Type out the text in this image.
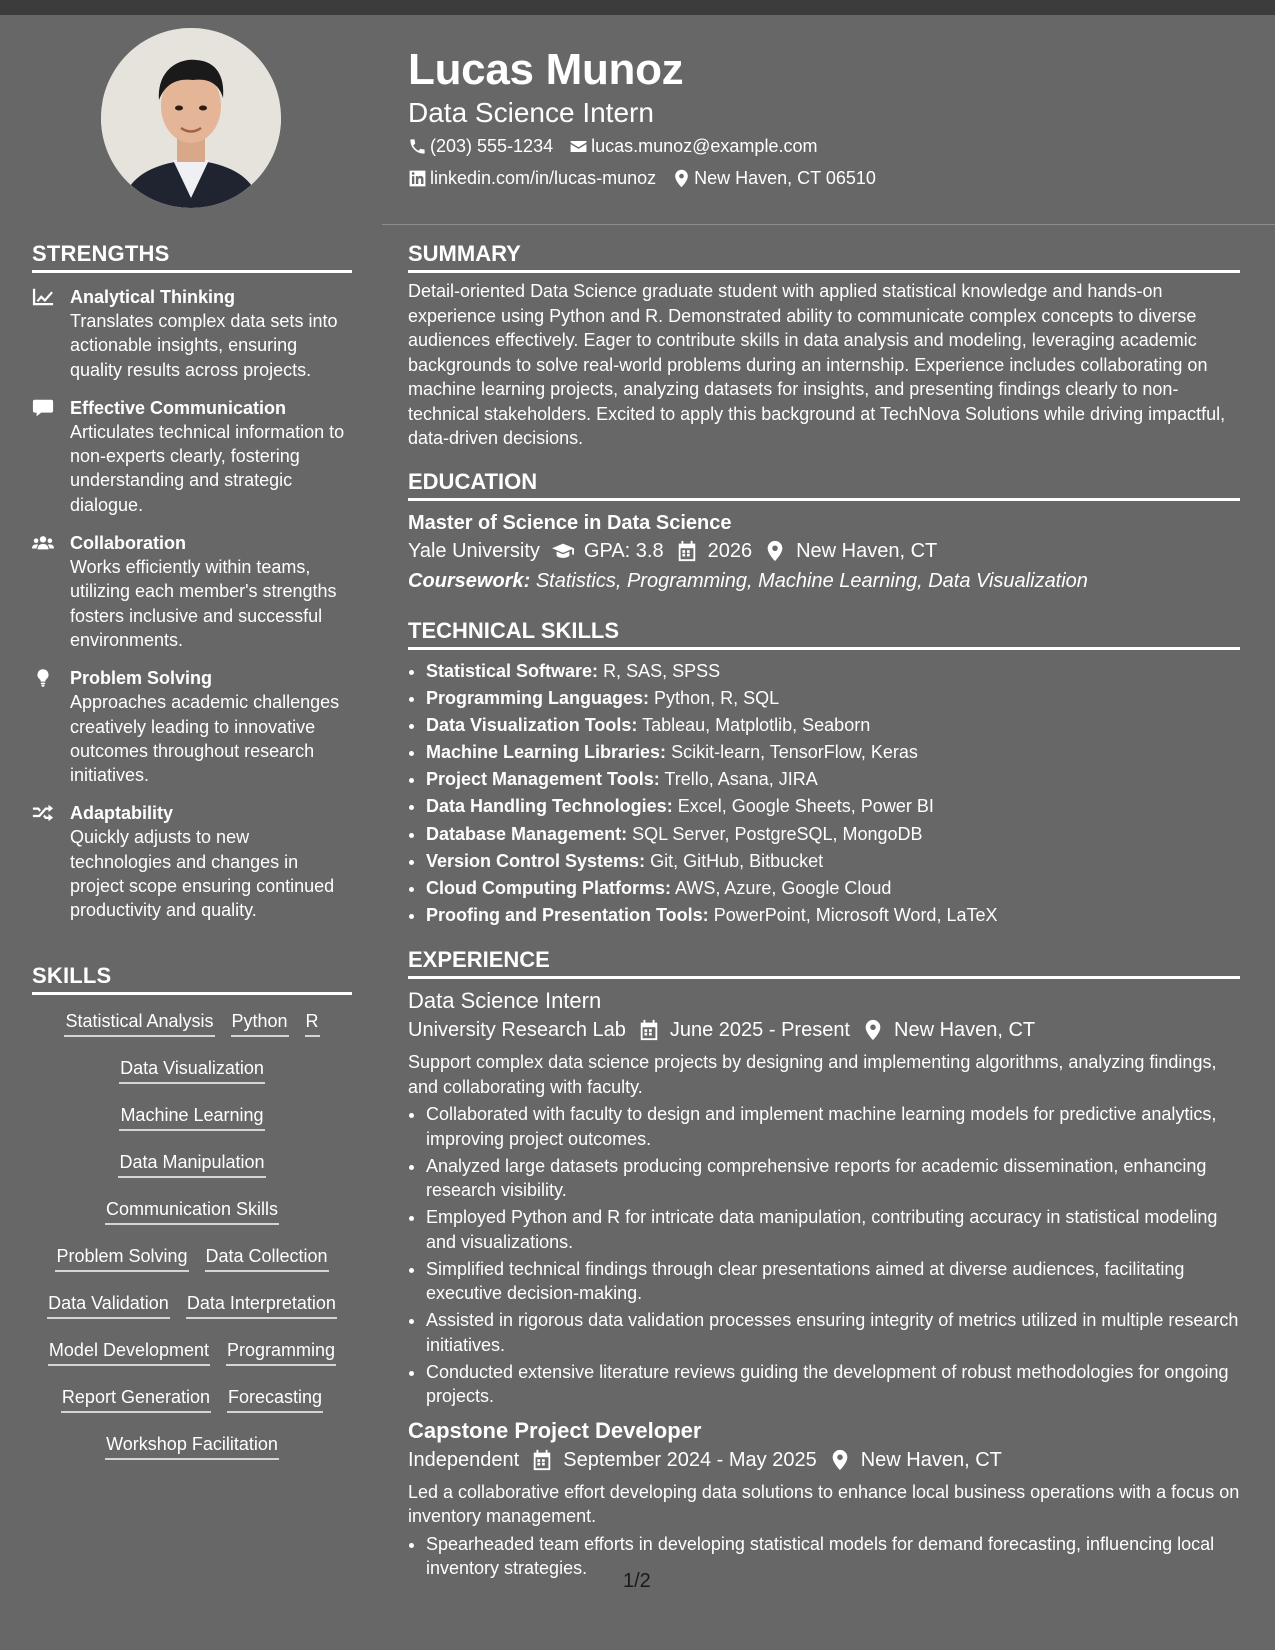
STRENGTHS
Analytical Thinking
Translates complex data sets into actionable insights, ensuring quality results across projects.
Effective Communication
Articulates technical information to non-experts clearly, fostering understanding and strategic dialogue.
Collaboration
Works efficiently within teams, utilizing each member's strengths fosters inclusive and successful environments.
Problem Solving
Approaches academic challenges creatively leading to innovative outcomes throughout research initiatives.
Adaptability
Quickly adjusts to new technologies and changes in project scope ensuring continued productivity and quality.
SKILLS
Statistical Analysis Python R
Data Visualization
Machine Learning
Data Manipulation
Communication Skills
Problem Solving Data Collection
Data Validation Data Interpretation
Model Development Programming
Report Generation Forecasting
Workshop Facilitation
Lucas Munoz
Data Science Intern
(203) 555-1234 lucas.munoz@example.com
linkedin.com/in/lucas-munoz New Haven, CT 06510
SUMMARY

Detail-oriented Data Science graduate student with applied statistical knowledge and hands-on experience using Python and R. Demonstrated ability to communicate complex concepts to diverse audiences effectively. Eager to contribute skills in data analysis and modeling, leveraging academic backgrounds to solve real-world problems during an internship. Experience includes collaborating on machine learning projects, analyzing datasets for insights, and presenting findings clearly to non-technical stakeholders. Excited to apply this background at TechNova Solutions while driving impactful, data-driven decisions.

EDUCATION
Master of Science in Data Science
Yale University GPA: 3.8 2026 New Haven, CT
Coursework: Statistics, Programming, Machine Learning, Data Visualization
TECHNICAL SKILLS
• Statistical Software: R, SAS, SPSS
• Programming Languages: Python, R, SQL
• Data Visualization Tools: Tableau, Matplotlib, Seaborn
• Machine Learning Libraries: Scikit-learn, TensorFlow, Keras
• Project Management Tools: Trello, Asana, JIRA
• Data Handling Technologies: Excel, Google Sheets, Power BI
• Database Management: SQL Server, PostgreSQL, MongoDB
• Version Control Systems: Git, GitHub, Bitbucket
• Cloud Computing Platforms: AWS, Azure, Google Cloud
• Proofing and Presentation Tools: PowerPoint, Microsoft Word, LaTeX
EXPERIENCE
Data Science Intern
University Research Lab June 2025 - Present New Haven, CT

Support complex data science projects by designing and implementing algorithms, analyzing findings, and collaborating with faculty.

• Collaborated with faculty to design and implement machine learning models for predictive analytics, improving project outcomes.
• Analyzed large datasets producing comprehensive reports for academic dissemination, enhancing research visibility.
• Employed Python and R for intricate data manipulation, contributing accuracy in statistical modeling and visualizations.
• Simplified technical findings through clear presentations aimed at diverse audiences, facilitating executive decision-making.
• Assisted in rigorous data validation processes ensuring integrity of metrics utilized in multiple research initiatives.
• Conducted extensive literature reviews guiding the development of robust methodologies for ongoing projects.
Capstone Project Developer
Independent September 2024 - May 2025 New Haven, CT

Led a collaborative effort developing data solutions to enhance local business operations with a focus on inventory management.

• Spearheaded team efforts in developing statistical models for demand forecasting, influencing local inventory strategies.
1/2
